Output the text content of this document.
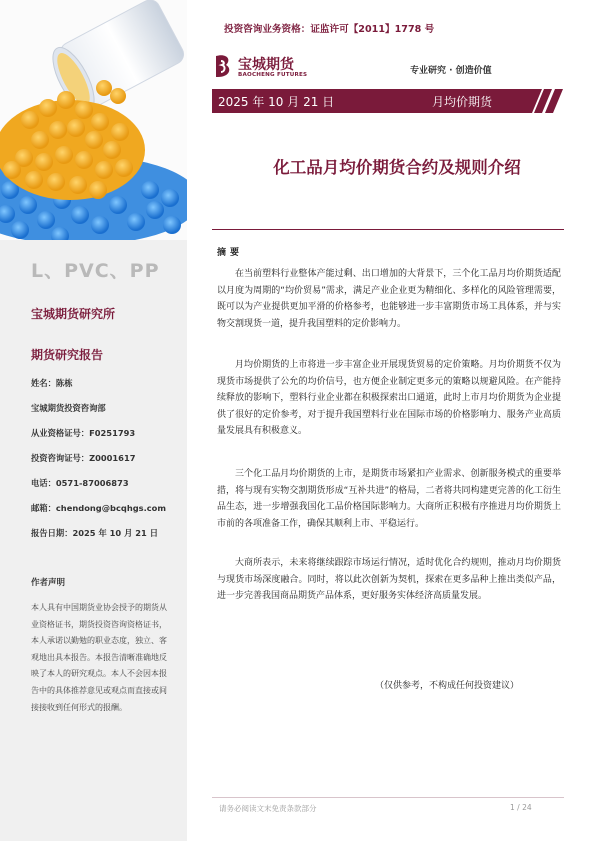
L、PVC、PP
宝城期货研究所
期货研究报告
姓名：陈栋
宝城期货投资咨询部
从业资格证号：F0251793
投资咨询证号：Z0001617
电话：0571-87006873
邮箱：chendong@bcqhgs.com
报告日期：2025 年 10 月 21 日
作者声明
本人具有中国期货业协会授予的期货从业资格证书，期货投资咨询资格证书，本人承诺以勤勉的职业态度，独立、客观地出具本报告。本报告清晰准确地反映了本人的研究观点。本人不会因本报告中的具体推荐意见或观点而直接或间接接收到任何形式的报酬。
投资咨询业务资格：证监许可【2011】1778 号
宝城期货
BAOCHENG FUTURES	专业研究 · 创造价值
2025 年 10 月 21 日	月均价期货
化工品月均价期货合约及规则介绍
摘要

在当前塑料行业整体产能过剩、出口增加的大背景下，三个化工品月均价期货适配以月度为周期的“均价贸易”需求，满足产业企业更为精细化、多样化的风险管理需要，既可以为产业提供更加平滑的价格参考，也能够进一步丰富期货市场工具体系，并与实物交割现货一道，提升我国塑料的定价影响力。

月均价期货的上市将进一步丰富企业开展现货贸易的定价策略。月均价期货不仅为现货市场提供了公允的均价信号，也方便企业制定更多元的策略以规避风险。在产能持续释放的影响下，塑料行业企业都在积极探索出口通道，此时上市月均价期货为企业提供了很好的定价参考，对于提升我国塑料行业在国际市场的价格影响力、服务产业高质量发展具有积极意义。

三个化工品月均价期货的上市，是期货市场紧扣产业需求、创新服务模式的重要举措，将与现有实物交割期货形成“互补共进”的格局，二者将共同构建更完善的化工衍生品生态，进一步增强我国化工品价格国际影响力。大商所正积极有序推进月均价期货上市前的各项准备工作，确保其顺利上市、平稳运行。

大商所表示，未来将继续跟踪市场运行情况，适时优化合约规则，推动月均价期货与现货市场深度融合。同时，将以此次创新为契机，探索在更多品种上推出类似产品，进一步完善我国商品期货产品体系，更好服务实体经济高质量发展。

（仅供参考，不构成任何投资建议）
请务必阅读文末免责条款部分	1 / 24
